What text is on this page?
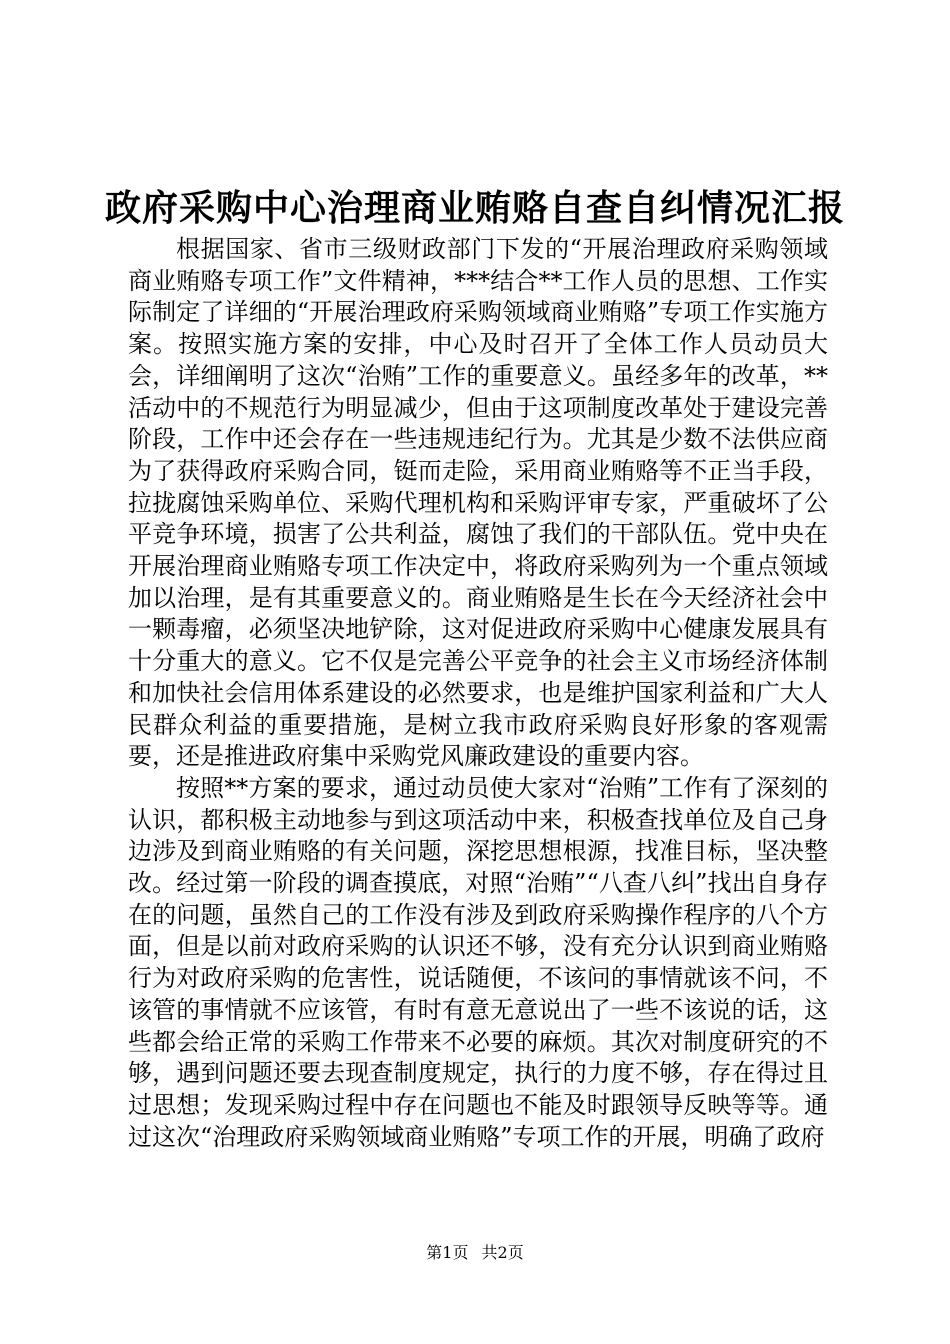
政府采购中心治理商业贿赂自查自纠情况汇报

根据国家、省市三级财政部门下发的“开展治理政府采购领域商业贿赂专项工作”文件精神，***结合**工作人员的思想、工作实际制定了详细的“开展治理政府采购领域商业贿赂”专项工作实施方案。按照实施方案的安排，中心及时召开了全体工作人员动员大会，详细阐明了这次“治贿”工作的重要意义。虽经多年的改革，**活动中的不规范行为明显减少，但由于这项制度改革处于建设完善阶段，工作中还会存在一些违规违纪行为。尤其是少数不法供应商为了获得政府采购合同，铤而走险，采用商业贿赂等不正当手段，拉拢腐蚀采购单位、采购代理机构和采购评审专家，严重破坏了公平竞争环境，损害了公共利益，腐蚀了我们的干部队伍。党中央在开展治理商业贿赂专项工作决定中，将政府采购列为一个重点领域加以治理，是有其重要意义的。商业贿赂是生长在今天经济社会中一颗毒瘤，必须坚决地铲除，这对促进政府采购中心健康发展具有十分重大的意义。它不仅是完善公平竞争的社会主义市场经济体制和加快社会信用体系建设的必然要求，也是维护国家利益和广大人民群众利益的重要措施，是树立我市政府采购良好形象的客观需要，还是推进政府集中采购党风廉政建设的重要内容。

按照**方案的要求，通过动员使大家对“治贿”工作有了深刻的认识，都积极主动地参与到这项活动中来，积极查找单位及自己身边涉及到商业贿赂的有关问题，深挖思想根源，找准目标，坚决整改。经过第一阶段的调查摸底，对照“治贿”“八查八纠”找出自身存在的问题，虽然自己的工作没有涉及到政府采购操作程序的八个方面，但是以前对政府采购的认识还不够，没有充分认识到商业贿赂行为对政府采购的危害性，说话随便，不该问的事情就该不问，不该管的事情就不应该管，有时有意无意说出了一些不该说的话，这些都会给正常的采购工作带来不必要的麻烦。其次对制度研究的不够，遇到问题还要去现查制度规定，执行的力度不够，存在得过且过思想；发现采购过程中存在问题也不能及时跟领导反映等等。通过这次“治理政府采购领域商业贿赂”专项工作的开展，明确了政府

第1页 共2页
